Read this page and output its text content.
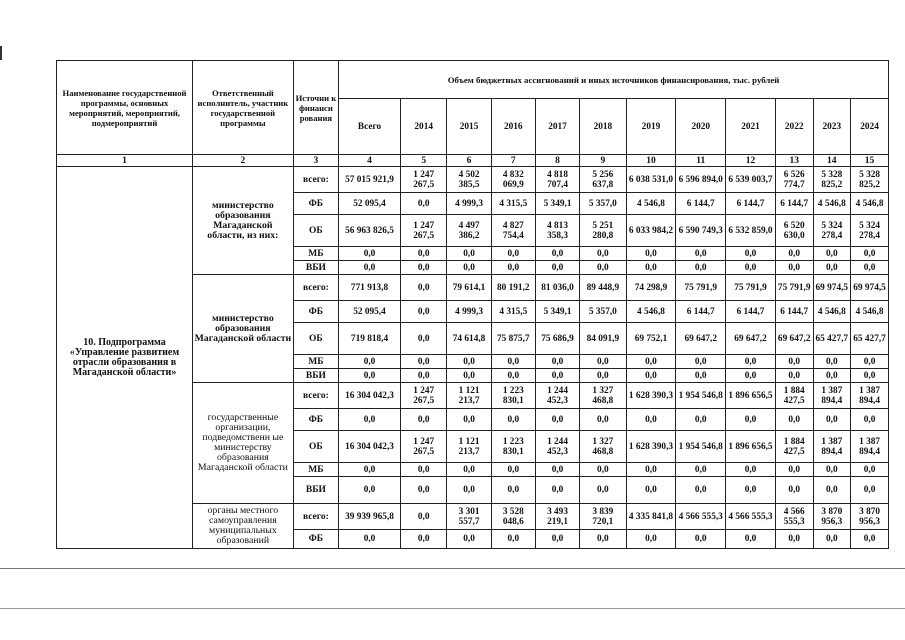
Наименование государственной программы, основных мероприятий, мероприятий, подмероприятий	Ответственный исполнитель, участник государственной программы	Источни к финанси рования	Объем бюджетных ассигнований и иных источников финансирования, тыс. рублей											
			Всего	2014	2015	2016	2017	2018	2019	2020	2021	2022	2023	2024
1	2	3	4	5	6	7	8	9	10	11	12	13	14	15
10. Подпрограмма «Управление развитием отрасли образования в Магаданской области»	министерство образования Магаданской области, из них:	всего:	57 015 921,9	1 247 267,5	4 502 385,5	4 832 069,9	4 818 707,4	5 256 637,8	6 038 531,0	6 596 894,0	6 539 003,7	6 526 774,7	5 328 825,2	5 328 825,2
		ФБ	52 095,4	0,0	4 999,3	4 315,5	5 349,1	5 357,0	4 546,8	6 144,7	6 144,7	6 144,7	4 546,8	4 546,8
		ОБ	56 963 826,5	1 247 267,5	4 497 386,2	4 827 754,4	4 813 358,3	5 251 280,8	6 033 984,2	6 590 749,3	6 532 859,0	6 520 630,0	5 324 278,4	5 324 278,4
		МБ	0,0	0,0	0,0	0,0	0,0	0,0	0,0	0,0	0,0	0,0	0,0	0,0
		ВБИ	0,0	0,0	0,0	0,0	0,0	0,0	0,0	0,0	0,0	0,0	0,0	0,0
	министерство образования Магаданской области	всего:	771 913,8	0,0	79 614,1	80 191,2	81 036,0	89 448,9	74 298,9	75 791,9	75 791,9	75 791,9	69 974,5	69 974,5
		ФБ	52 095,4	0,0	4 999,3	4 315,5	5 349,1	5 357,0	4 546,8	6 144,7	6 144,7	6 144,7	4 546,8	4 546,8
		ОБ	719 818,4	0,0	74 614,8	75 875,7	75 686,9	84 091,9	69 752,1	69 647,2	69 647,2	69 647,2	65 427,7	65 427,7
		МБ	0,0	0,0	0,0	0,0	0,0	0,0	0,0	0,0	0,0	0,0	0,0	0,0
		ВБИ	0,0	0,0	0,0	0,0	0,0	0,0	0,0	0,0	0,0	0,0	0,0	0,0
	государственные организации, подведомственн ые министерству образования Магаданской области	всего:	16 304 042,3	1 247 267,5	1 121 213,7	1 223 830,1	1 244 452,3	1 327 468,8	1 628 390,3	1 954 546,8	1 896 656,5	1 884 427,5	1 387 894,4	1 387 894,4
		ФБ	0,0	0,0	0,0	0,0	0,0	0,0	0,0	0,0	0,0	0,0	0,0	0,0
		ОБ	16 304 042,3	1 247 267,5	1 121 213,7	1 223 830,1	1 244 452,3	1 327 468,8	1 628 390,3	1 954 546,8	1 896 656,5	1 884 427,5	1 387 894,4	1 387 894,4
		МБ	0,0	0,0	0,0	0,0	0,0	0,0	0,0	0,0	0,0	0,0	0,0	0,0
		ВБИ	0,0	0,0	0,0	0,0	0,0	0,0	0,0	0,0	0,0	0,0	0,0	0,0
	органы местного самоуправления муниципальных образований	всего:	39 939 965,8	0,0	3 301 557,7	3 528 048,6	3 493 219,1	3 839 720,1	4 335 841,8	4 566 555,3	4 566 555,3	4 566 555,3	3 870 956,3	3 870 956,3
		ФБ	0,0	0,0	0,0	0,0	0,0	0,0	0,0	0,0	0,0	0,0	0,0	0,0
